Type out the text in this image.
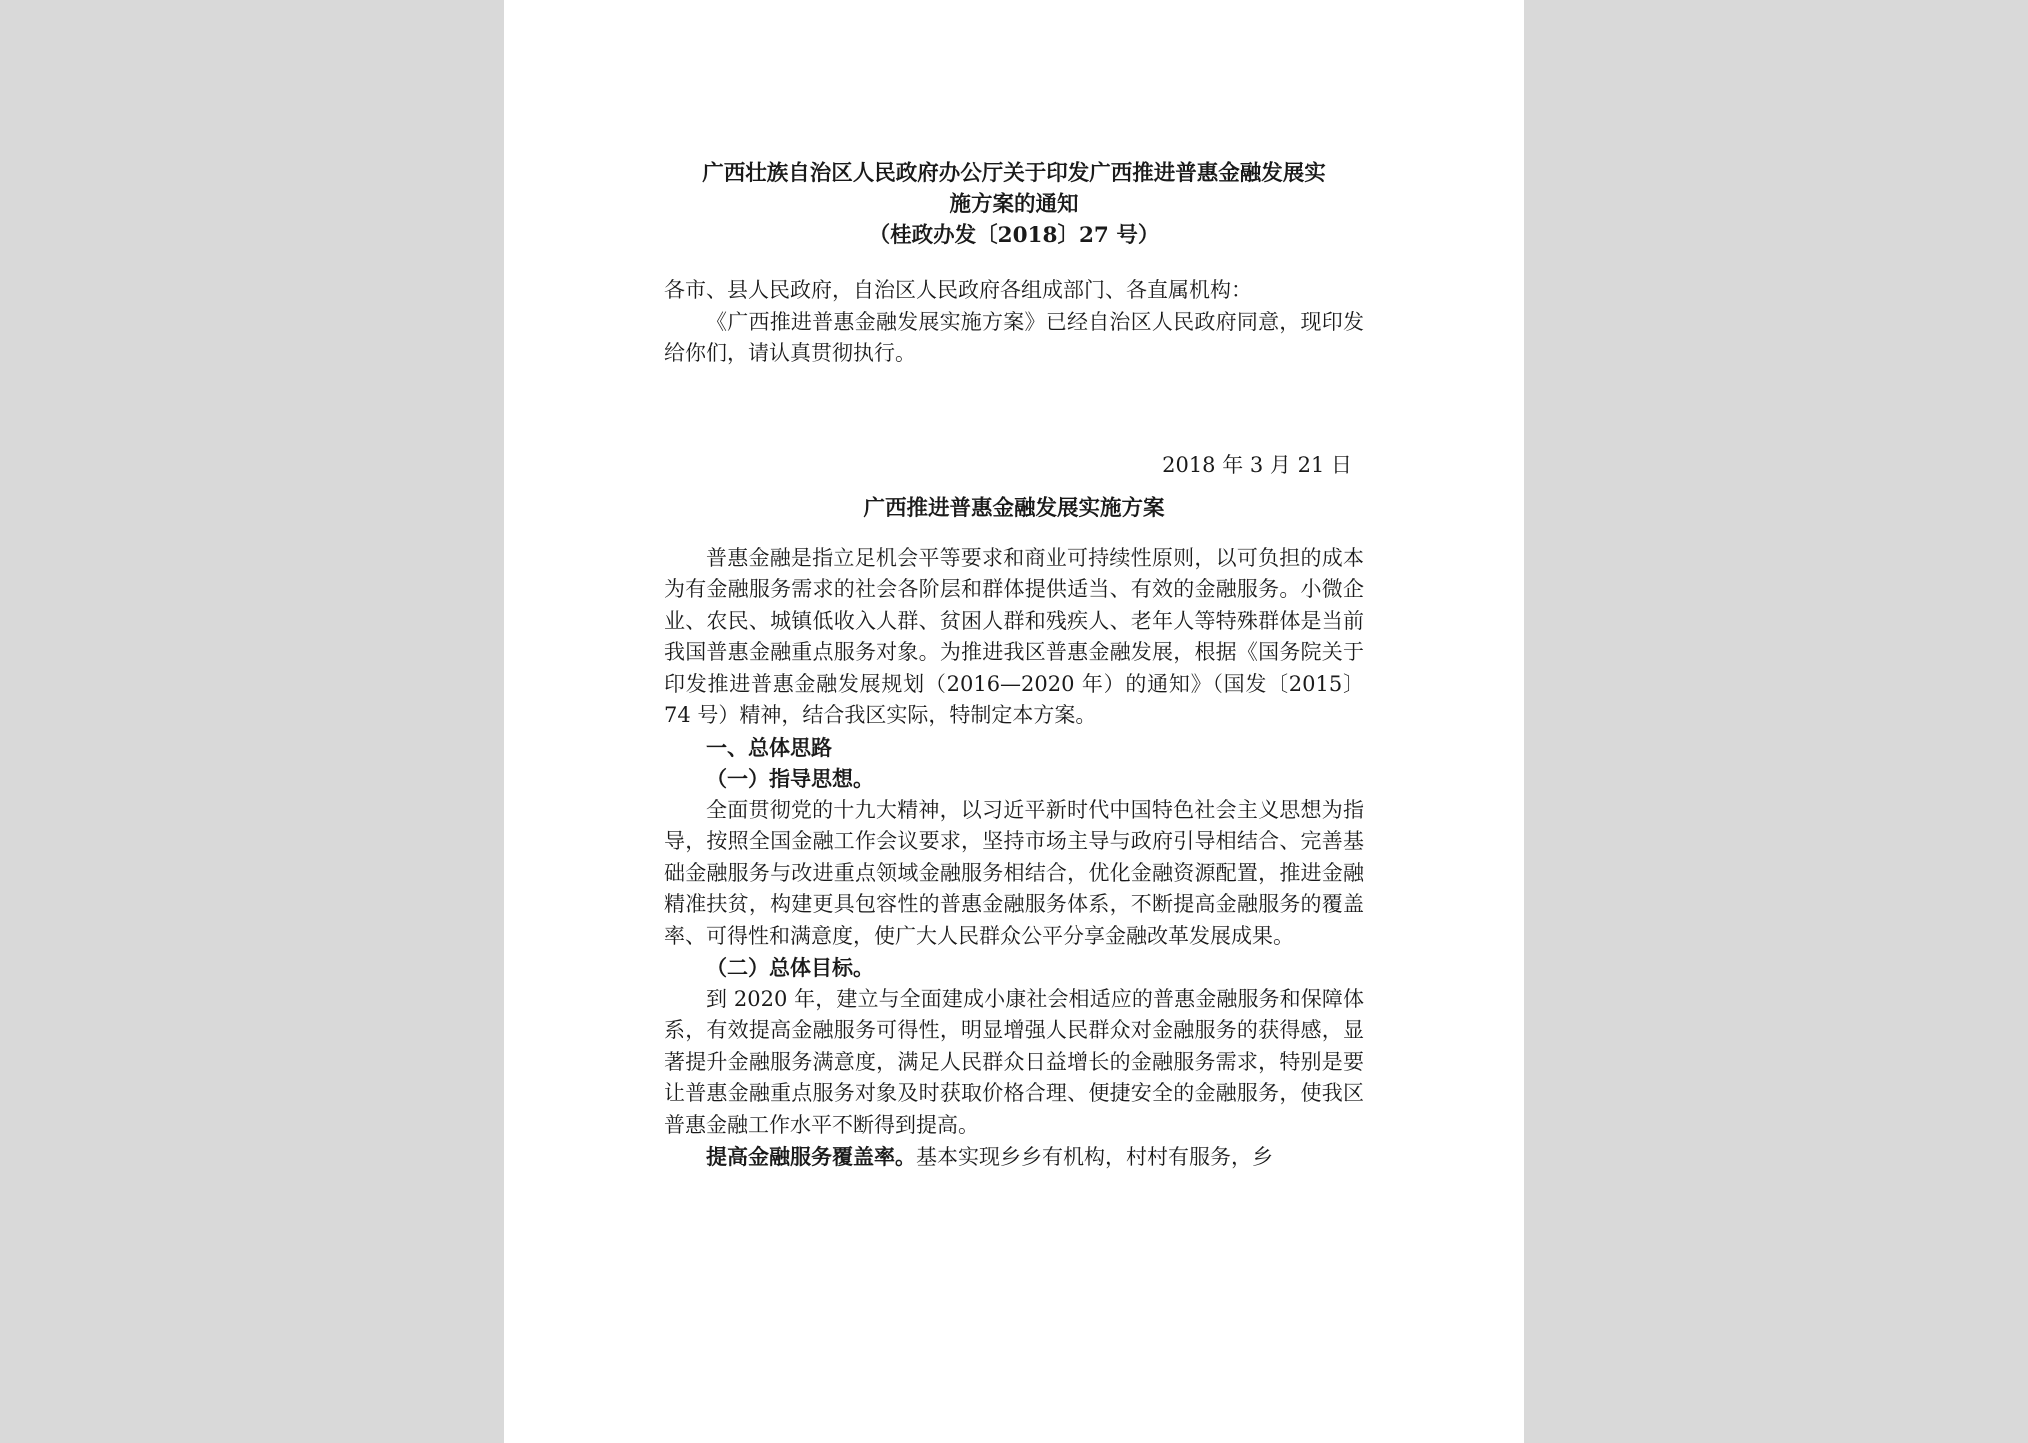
广西壮族自治区人民政府办公厅关于印发广西推进普惠金融发展实
施方案的通知
（桂政办发〔2018〕27 号）

各市、县人民政府，自治区人民政府各组成部门、各直属机构：

《广西推进普惠金融发展实施方案》已经自治区人民政府同意，现印发给你们，请认真贯彻执行。

2018 年 3 月 21 日
广西推进普惠金融发展实施方案

普惠金融是指立足机会平等要求和商业可持续性原则，以可负担的成本为有金融服务需求的社会各阶层和群体提供适当、有效的金融服务。小微企业、农民、城镇低收入人群、贫困人群和残疾人、老年人等特殊群体是当前我国普惠金融重点服务对象。为推进我区普惠金融发展，根据《国务院关于印发推进普惠金融发展规划（2016—2020 年）的通知》（国发〔2015〕74 号）精神，结合我区实际，特制定本方案。

一、总体思路

（一）指导思想。

全面贯彻党的十九大精神，以习近平新时代中国特色社会主义思想为指导，按照全国金融工作会议要求，坚持市场主导与政府引导相结合、完善基础金融服务与改进重点领域金融服务相结合，优化金融资源配置，推进金融精准扶贫，构建更具包容性的普惠金融服务体系，不断提高金融服务的覆盖率、可得性和满意度，使广大人民群众公平分享金融改革发展成果。

（二）总体目标。

到 2020 年，建立与全面建成小康社会相适应的普惠金融服务和保障体系，有效提高金融服务可得性，明显增强人民群众对金融服务的获得感，显著提升金融服务满意度，满足人民群众日益增长的金融服务需求，特别是要让普惠金融重点服务对象及时获取价格合理、便捷安全的金融服务，使我区普惠金融工作水平不断得到提高。

提高金融服务覆盖率。基本实现乡乡有机构，村村有服务，乡
